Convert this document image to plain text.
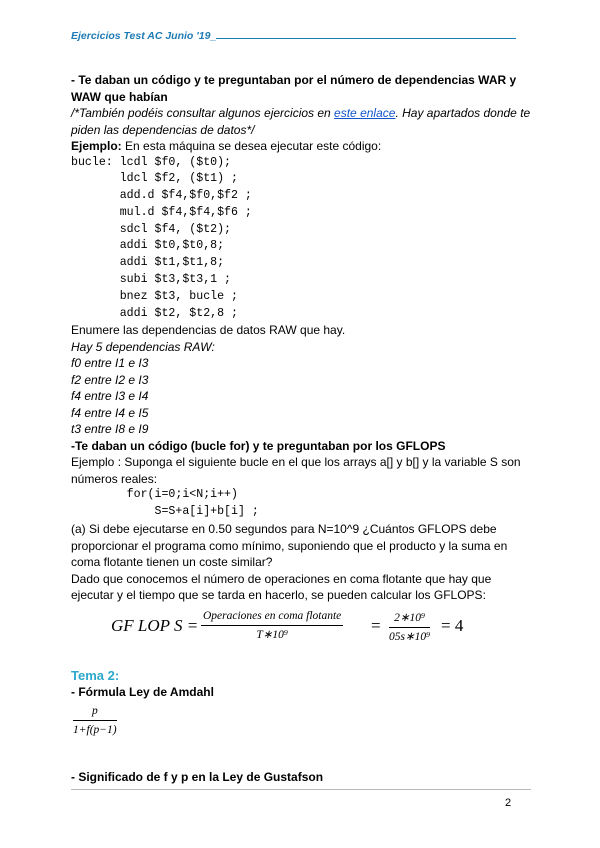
Ejercicios Test AC Junio '19_

- Te daban un código y te preguntaban por el número de dependencias WAR y WAW que habían

/*También podéis consultar algunos ejercicios en este enlace. Hay apartados donde te piden las dependencias de datos*/

Ejemplo: En esta máquina se desea ejecutar este código:

bucle: lcdl $f0, ($t0);
ldcl $f2, ($t1) ;
add.d $f4,$f0,$f2 ;
mul.d $f4,$f4,$f6 ;
sdcl $f4, ($t2);
addi $t0,$t0,8;
addi $t1,$t1,8;
subi $t3,$t3,1 ;
bnez $t3, bucle ;
addi $t2, $t2,8 ;

Enumere las dependencias de datos RAW que hay.

Hay 5 dependencias RAW:
f0 entre I1 e I3
f2 entre I2 e I3
f4 entre I3 e I4
f4 entre I4 e I5
t3 entre I8 e I9

-Te daban un código (bucle for) y te preguntaban por los GFLOPS

Ejemplo : Suponga el siguiente bucle en el que los arrays a[] y b[] y la variable S son números reales:

for(i=0;i<N;i++)
S=S+a[i]+b[i] ;

(a) Si debe ejecutarse en 0.50 segundos para N=10^9 ¿Cuántos GFLOPS debe proporcionar el programa como mínimo, suponiendo que el producto y la suma en coma flotante tienen un coste similar?

Dado que conocemos el número de operaciones en coma flotante que hay que ejecutar y el tiempo que se tarda en hacerlo, se pueden calcular los GFLOPS:

GF LOP S = Operaciones en coma flotante
T∗10⁹
= $\frac{\text{2∗10⁹}}{\text{05s∗10⁹}} = 4$
Tema 2:

- Fórmula Ley de Amdahl

$\frac{p}{1+f(p-1)}$

- Significado de f y p en la Ley de Gustafson

2
